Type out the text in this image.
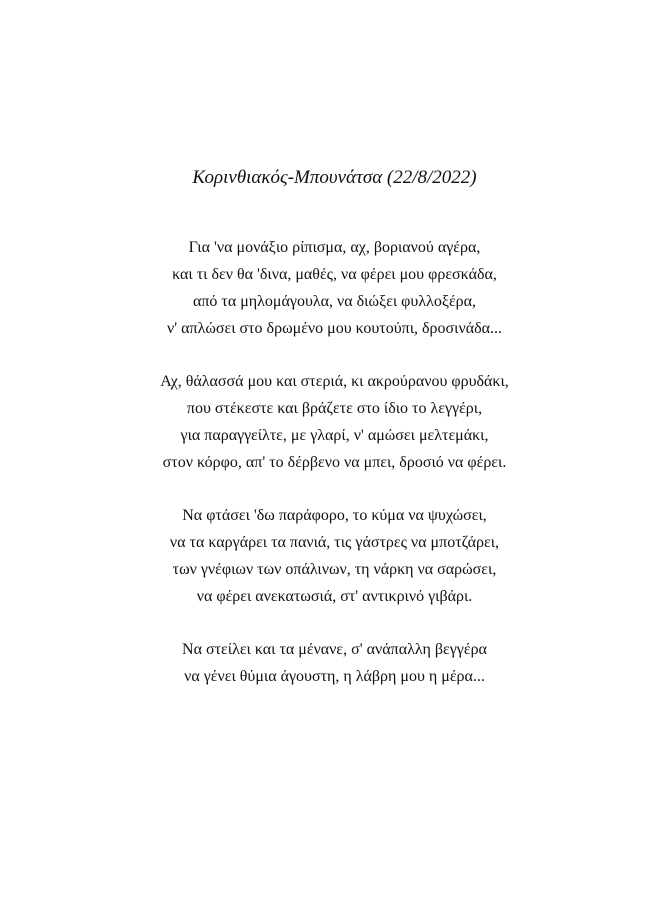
Κορινθιακός-Μπουνάτσα (22/8/2022)
Για 'να μονάξιο ρίπισμα, αχ, βοριανού αγέρα,
και τι δεν θα 'δινα, μαθές, να φέρει μου φρεσκάδα,
από τα μηλομάγουλα, να διώξει φυλλοξέρα,
ν' απλώσει στο δρωμένο μου κουτούπι, δροσινάδα...
Αχ, θάλασσά μου και στεριά, κι ακρούρανου φρυδάκι,
που στέκεστε και βράζετε στο ίδιο το λεγγέρι,
για παραγγείλτε, με γλαρί, ν' αμώσει μελτεμάκι,
στον κόρφο, απ' το δέρβενο να μπει, δροσιό να φέρει.
Να φτάσει 'δω παράφορο, το κύμα να ψυχώσει,
να τα καργάρει τα πανιά, τις γάστρες να μποτζάρει,
των γνέφιων των οπάλινων, τη νάρκη να σαρώσει,
να φέρει ανεκατωσιά, στ' αντικρινό γιβάρι.
Να στείλει και τα μένανε, σ' ανάπαλλη βεγγέρα
να γένει θύμια άγουστη, η λάβρη μου η μέρα...
